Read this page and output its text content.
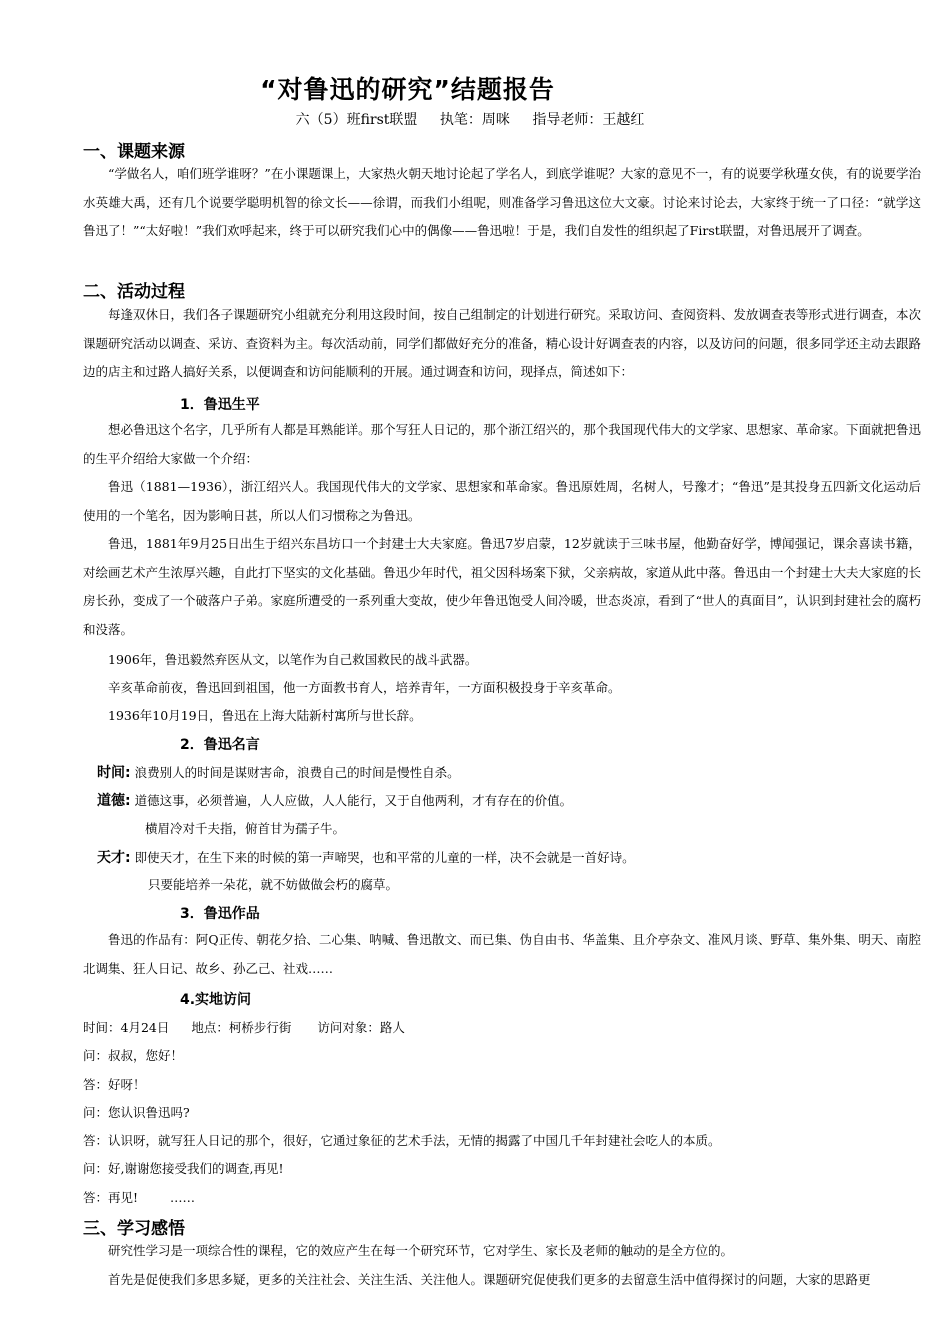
“对鲁迅的研究”结题报告
六（5）班first联盟 执笔：周咪 指导老师：王越红
一、课题来源
“学做名人，咱们班学谁呀？”在小课题课上，大家热火朝天地讨论起了学名人，到底学谁呢？大家的意见不一，有的说要学秋瑾女侠，有的说要学治水英雄大禹，还有几个说要学聪明机智的徐文长——徐谓，而我们小组呢，则准备学习鲁迅这位大文豪。讨论来讨论去，大家终于统一了口径：“就学这鲁迅了！”“太好啦！”我们欢呼起来，终于可以研究我们心中的偶像——鲁迅啦！于是，我们自发性的组织起了First联盟，对鲁迅展开了调查。
二、活动过程
每逢双休日，我们各子课题研究小组就充分利用这段时间，按自己组制定的计划进行研究。采取访问、查阅资料、发放调查表等形式进行调查，本次课题研究活动以调查、采访、查资料为主。每次活动前，同学们都做好充分的准备，精心设计好调查表的内容，以及访问的问题，很多同学还主动去跟路边的店主和过路人搞好关系，以便调查和访问能顺利的开展。通过调查和访问，现择点，简述如下：
1．鲁迅生平
想必鲁迅这个名字，几乎所有人都是耳熟能详。那个写狂人日记的，那个浙江绍兴的，那个我国现代伟大的文学家、思想家、革命家。下面就把鲁迅的生平介绍给大家做一个介绍：
鲁迅（1881—1936），浙江绍兴人。我国现代伟大的文学家、思想家和革命家。鲁迅原姓周，名树人，号豫才；“鲁迅”是其投身五四新文化运动后使用的一个笔名，因为影响日甚，所以人们习惯称之为鲁迅。
鲁迅，1881年9月25日出生于绍兴东昌坊口一个封建士大夫家庭。鲁迅7岁启蒙，12岁就读于三味书屋，他勤奋好学，博闻强记，课余喜读书籍，对绘画艺术产生浓厚兴趣，自此打下坚实的文化基础。鲁迅少年时代，祖父因科场案下狱，父亲病故，家道从此中落。鲁迅由一个封建士大夫大家庭的长房长孙，变成了一个破落户子弟。家庭所遭受的一系列重大变故，使少年鲁迅饱受人间冷暖，世态炎凉，看到了“世人的真面目”，认识到封建社会的腐朽和没落。
1906年，鲁迅毅然弃医从文，以笔作为自己救国救民的战斗武器。
辛亥革命前夜，鲁迅回到祖国，他一方面教书育人，培养青年，一方面积极投身于辛亥革命。
1936年10月19日，鲁迅在上海大陆新村寓所与世长辞。
2．鲁迅名言
时间: 浪费别人的时间是谋财害命，浪费自己的时间是慢性自杀。
道德: 道德这事，必须普遍，人人应做，人人能行，又于自他两利，才有存在的价值。
横眉冷对千夫指，俯首甘为孺子牛。
天才: 即使天才，在生下来的时候的第一声啼哭，也和平常的儿童的一样，决不会就是一首好诗。
只要能培养一朵花，就不妨做做会朽的腐草。
3．鲁迅作品
鲁迅的作品有：阿Q正传、朝花夕拾、二心集、呐喊、鲁迅散文、而已集、伪自由书、华盖集、且介亭杂文、准风月谈、野草、集外集、明天、南腔北调集、狂人日记、故乡、孙乙己、社戏……
4.实地访问
时间：4月24日 地点：柯桥步行街 访问对象：路人
问：叔叔，您好！
答：好呀！
问：您认识鲁迅吗?
答：认识呀，就写狂人日记的那个，很好，它通过象征的艺术手法，无情的揭露了中国几千年封建社会吃人的本质。
问：好,谢谢您接受我们的调查,再见!
答：再见!	……
三、学习感悟
研究性学习是一项综合性的课程，它的效应产生在每一个研究环节，它对学生、家长及老师的触动的是全方位的。
首先是促使我们多思多疑，更多的关注社会、关注生活、关注他人。课题研究促使我们更多的去留意生活中值得探讨的问题，大家的思路更
